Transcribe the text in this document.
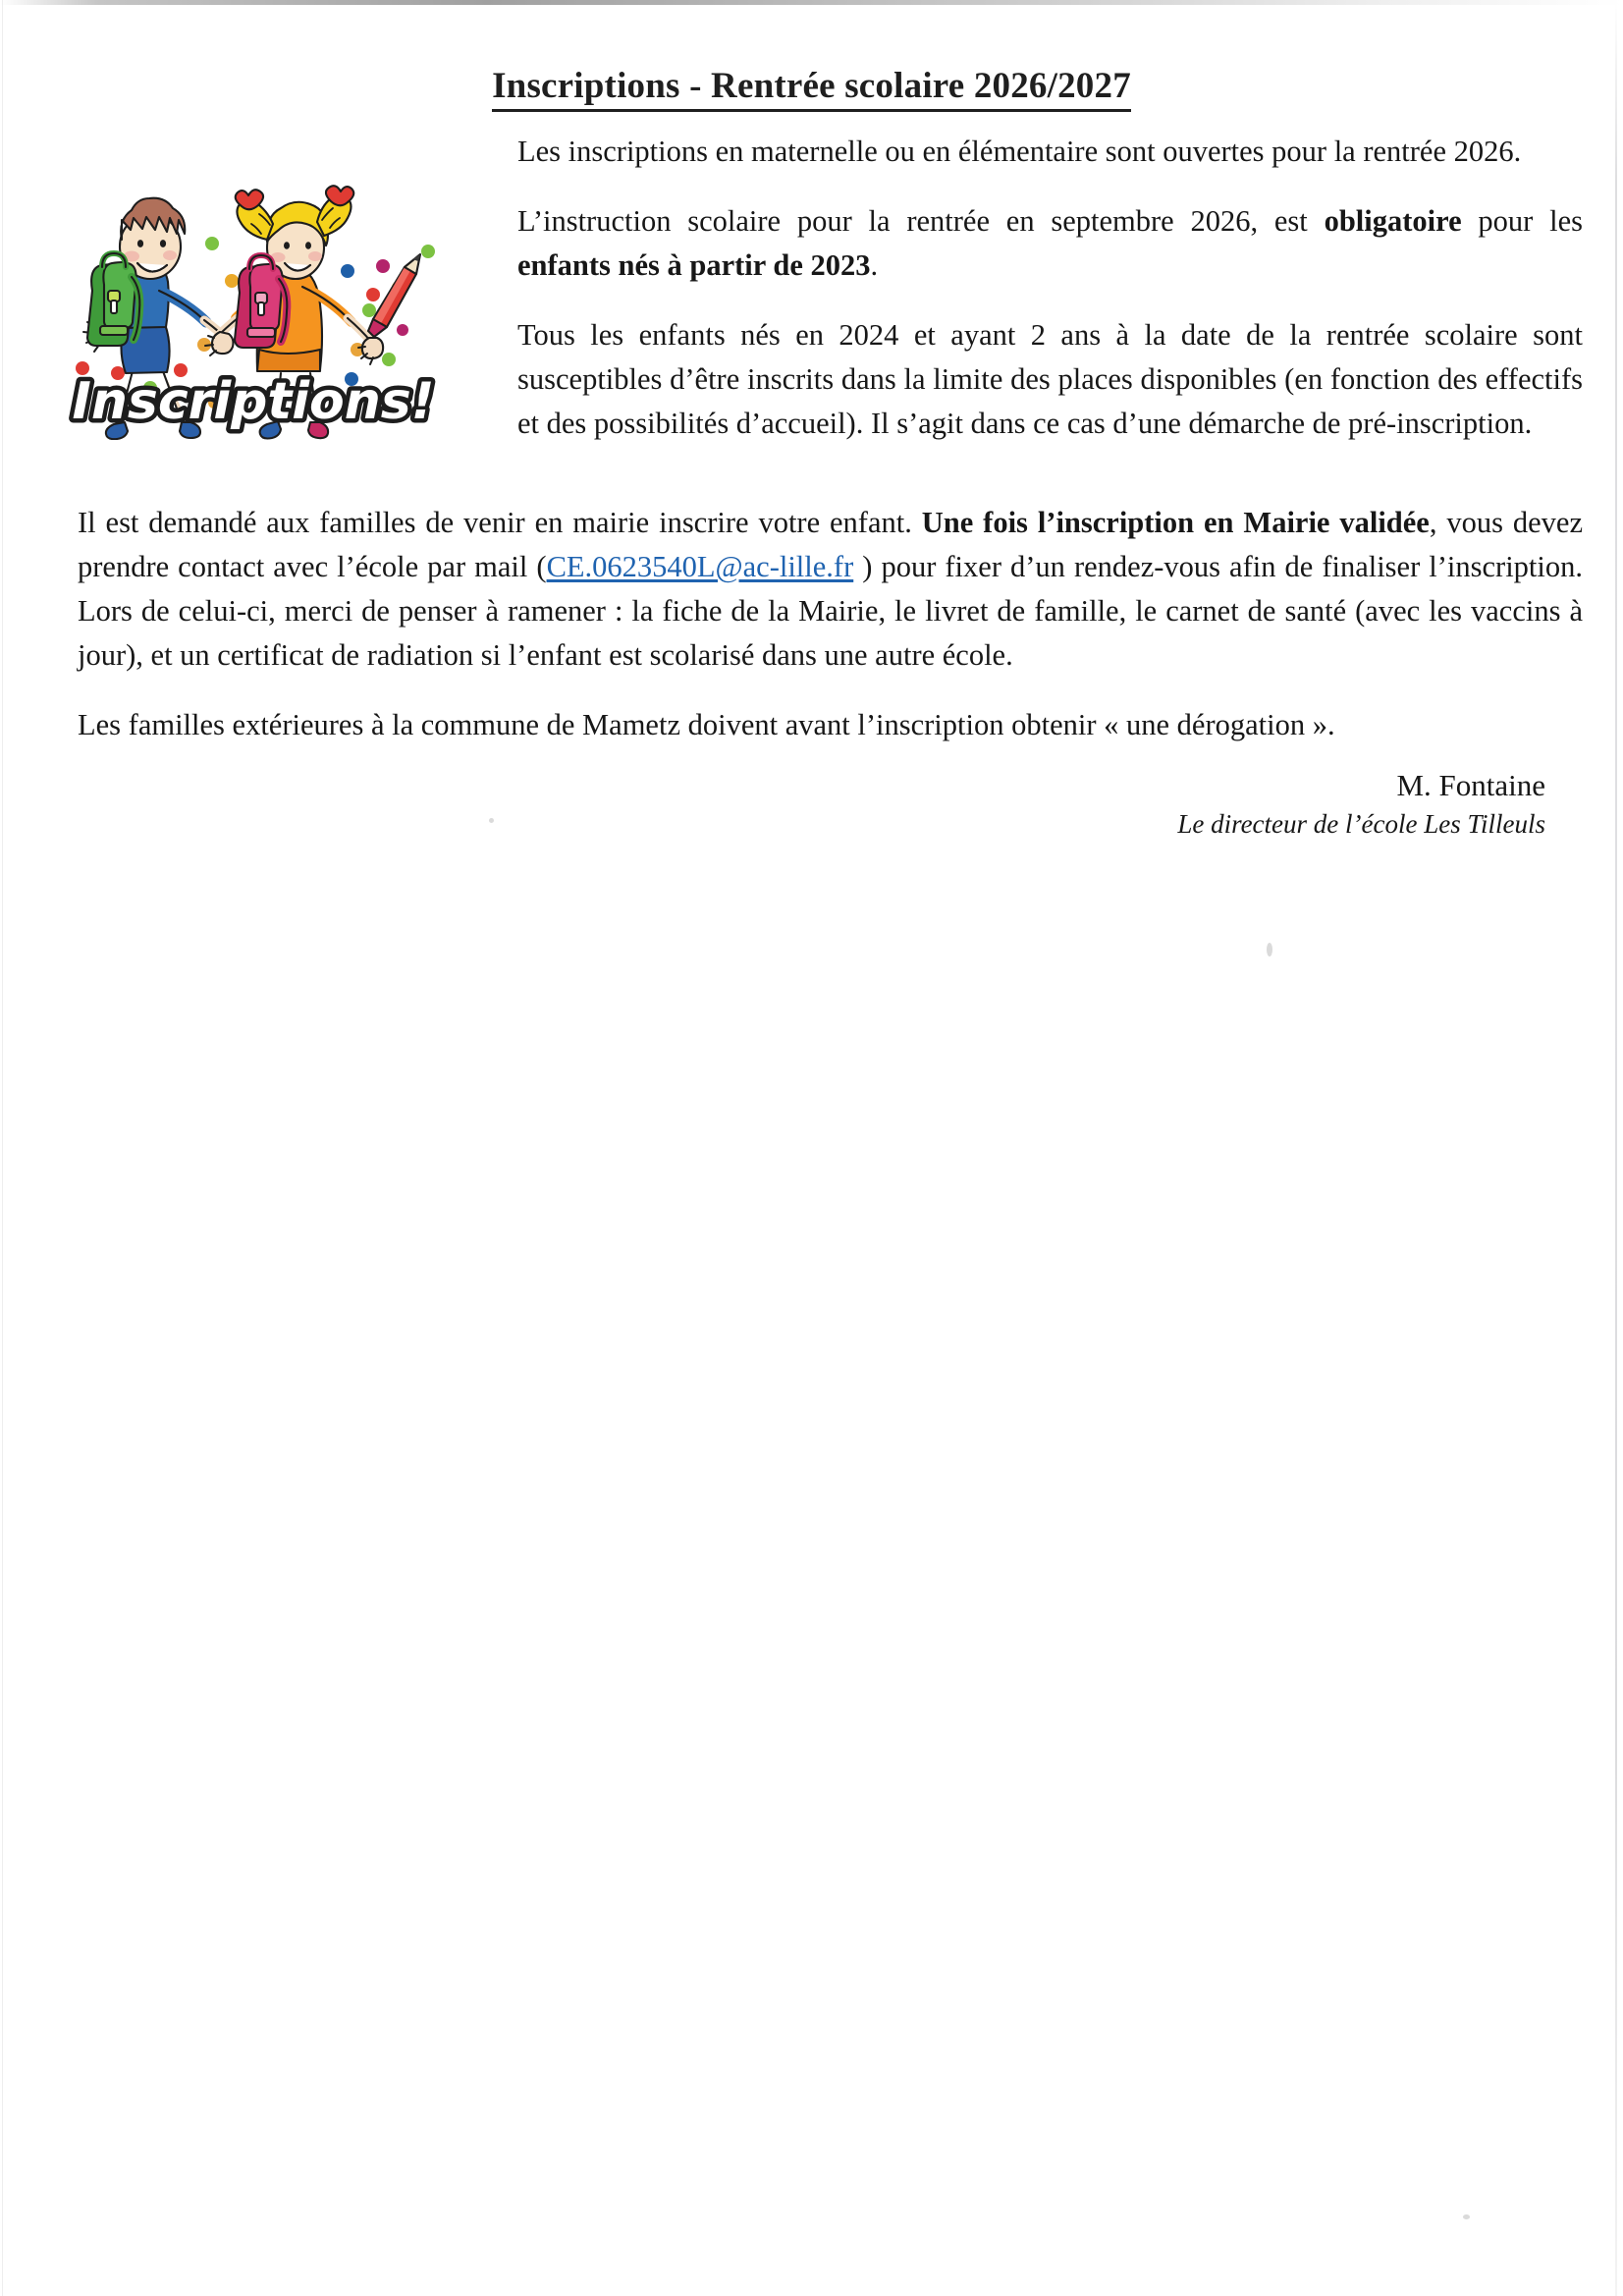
Inscriptions - Rentrée scolaire 2026/2027
Inscriptions!

Les inscriptions en maternelle ou en élémentaire sont ouvertes pour la rentrée 2026.

L’instruction scolaire pour la rentrée en septembre 2026, est obligatoire pour les enfants nés à partir de 2023.

Tous les enfants nés en 2024 et ayant 2 ans à la date de la rentrée scolaire sont susceptibles d’être inscrits dans la limite des places disponibles (en fonction des effectifs et des possibilités d’accueil). Il s’agit dans ce cas d’une démarche de pré-inscription.

Il est demandé aux familles de venir en mairie inscrire votre enfant. Une fois l’inscription en Mairie validée, vous devez prendre contact avec l’école par mail (CE.0623540L@ac-lille.fr ) pour fixer d’un rendez-vous afin de finaliser l’inscription. Lors de celui-ci, merci de penser à ramener : la fiche de la Mairie, le livret de famille, le carnet de santé (avec les vaccins à jour), et un certificat de radiation si l’enfant est scolarisé dans une autre école.

Les familles extérieures à la commune de Mametz doivent avant l’inscription obtenir « une dérogation ».

M. Fontaine
Le directeur de l’école Les Tilleuls
